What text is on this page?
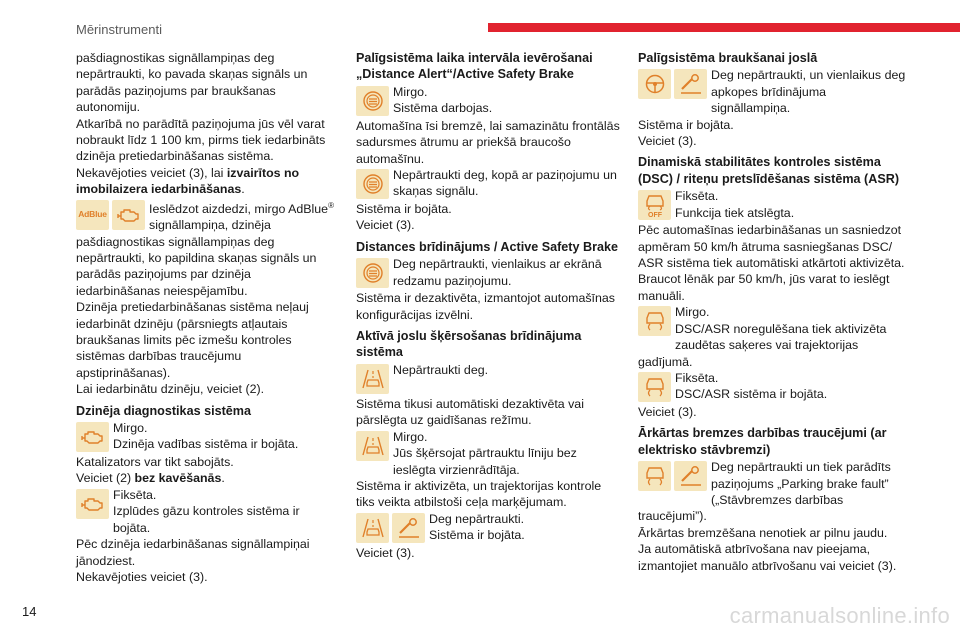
Mērinstrumenti

pašdiagnostikas signāllampiņas deg nepārtraukti, ko pavada skaņas signāls un parādās paziņojums par braukšanas autonomiju.

Atkarībā no parādītā paziņojuma jūs vēl varat nobraukt līdz 1 100 km, pirms tiek iedarbināts dzinēja pretiedarbināšanas sistēma.

Nekavējoties veiciet (3), lai izvairītos no imobilaizera iedarbināšanas.

AdBlue	Ieslēdzot aizdedzi, mirgo AdBlue® signāllampiņa, dzinēja pašdiagnostikas signāllampiņas deg nepārtraukti, ko papildina skaņas signāls un parādās paziņojums par dzinēja iedarbināšanas neiespējamību.

Dzinēja pretiedarbināšanas sistēma neļauj iedarbināt dzinēju (pārsniegts atļautais braukšanas limits pēc izmešu kontroles sistēmas darbības traucējumu apstiprināšanas).

Lai iedarbinātu dzinēju, veiciet (2).

Dzinēja diagnostikas sistēma

Mirgo.

Dzinēja vadības sistēma ir bojāta.

Katalizators var tikt sabojāts.

Veiciet (2) bez kavēšanās.

Fiksēta.

Izplūdes gāzu kontroles sistēma ir bojāta.

Pēc dzinēja iedarbināšanas signāllampiņai jānodziest.

Nekavējoties veiciet (3).

Palīgsistēma laika intervāla ievērošanai „Distance Alert“/Active Safety Brake

Mirgo.

Sistēma darbojas.

Automašīna īsi bremzē, lai samazinātu frontālās sadursmes ātrumu ar priekšā braucošo automašīnu.

Nepārtraukti deg, kopā ar paziņojumu un skaņas signālu.

Sistēma ir bojāta.

Veiciet (3).

Distances brīdinājums / Active Safety Brake

Deg nepārtraukti, vienlaikus ar ekrānā redzamu paziņojumu.

Sistēma ir dezaktivēta, izmantojot automašīnas konfigurācijas izvēlni.

Aktīvā joslu šķērsošanas brīdinājuma sistēma

Nepārtraukti deg.

Sistēma tikusi automātiski dezaktivēta vai pārslēgta uz gaidīšanas režīmu.

Mirgo.

Jūs šķērsojat pārtrauktu līniju bez ieslēgta virzienrādītāja.

Sistēma ir aktivizēta, un trajektorijas kontrole tiks veikta atbilstoši ceļa marķējumam.

Deg nepārtraukti.

Sistēma ir bojāta.

Veiciet (3).

Palīgsistēma braukšanai joslā

Deg nepārtraukti, un vienlaikus deg apkopes brīdinājuma signāllampiņa.

Sistēma ir bojāta.

Veiciet (3).

Dinamiskā stabilitātes kontroles sistēma (DSC) / riteņu pretslīdēšanas sistēma (ASR)
OFF

Fiksēta.

Funkcija tiek atslēgta.

Pēc automašīnas iedarbināšanas un sasniedzot apmēram 50 km/h ātruma sasniegšanas DSC/ ASR sistēma tiek automātiski atkārtoti aktivizēta.

Braucot lēnāk par 50 km/h, jūs varat to ieslēgt manuāli.

Mirgo.

DSC/ASR noregulēšana tiek aktivizēta zaudētas saķeres vai trajektorijas gadījumā.

Fiksēta.

DSC/ASR sistēma ir bojāta.

Veiciet (3).

Ārkārtas bremzes darbības traucējumi (ar elektrisko stāvbremzi)

Deg nepārtraukti un tiek parādīts paziņojums „Parking brake fault” („Stāvbremzes darbības traucējumi”).

Ārkārtas bremzēšana nenotiek ar pilnu jaudu.

Ja automātiskā atbrīvošana nav pieejama, izmantojiet manuālo atbrīvošanu vai veiciet (3).

14	carmanualsonline.info
